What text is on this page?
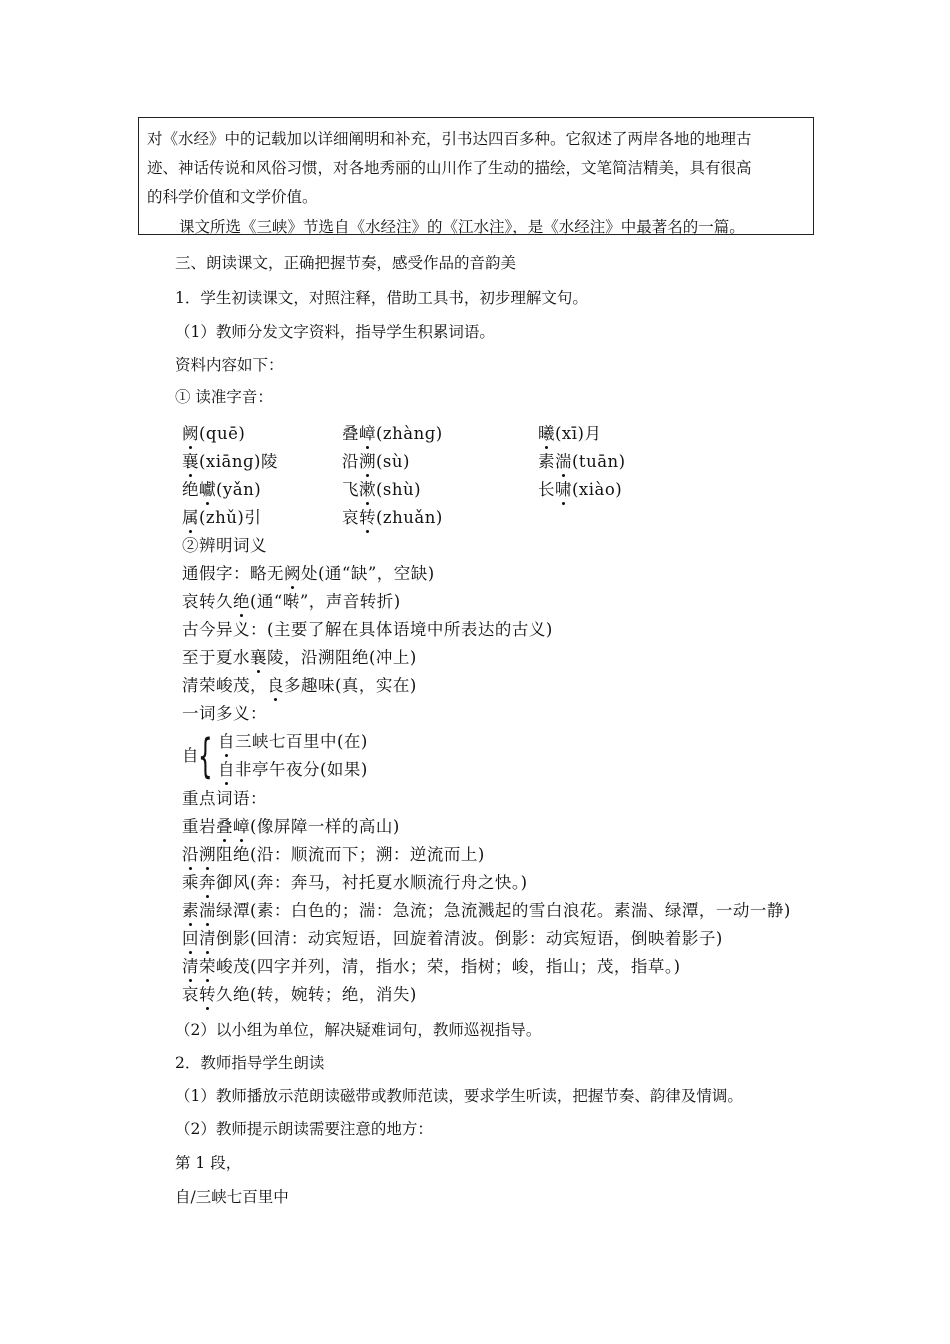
对《水经》中的记载加以详细阐明和补充，引书达四百多种。它叙述了两岸各地的地理古
迹、神话传说和风俗习惯，对各地秀丽的山川作了生动的描绘，文笔简洁精美，具有很高
的科学价值和文学价值。
课文所选《三峡》节选自《水经注》的《江水注》，是《水经注》中最著名的一篇。
三、朗读课文，正确把握节奏，感受作品的音韵美
1．学生初读课文，对照注释，借助工具书，初步理解文句。
（1）教师分发文字资料，指导学生积累词语。
资料内容如下：
① 读准字音：
阙(quē)	叠嶂(zhànɡ)	曦(xī)月
襄(xiānɡ)陵	沿溯(sù)	素湍(tuān)
绝巘(yǎn)	飞漱(shù)	长啸(xiào)
属(zhǔ)引	哀转(zhuǎn)
②辨明词义
通假字：略无阙处(通“缺”，空缺)
哀转久绝(通“啭”，声音转折)
古今异义：(主要了解在具体语境中所表达的古义)
至于夏水襄陵，沿溯阻绝(冲上)
清荣峻茂，良多趣味(真，实在)
一词多义：
自 { 自三峡七百里中(在)
自非亭午夜分(如果)
重点词语：
重岩叠嶂(像屏障一样的高山)
沿溯阻绝(沿：顺流而下；溯：逆流而上)
乘奔御风(奔：奔马，衬托夏水顺流行舟之快。)
素湍绿潭(素：白色的；湍：急流；急流溅起的雪白浪花。素湍、绿潭，一动一静)
回清倒影(回清：动宾短语，回旋着清波。倒影：动宾短语，倒映着影子)
清荣峻茂(四字并列，清，指水；荣，指树；峻，指山；茂，指草。)
哀转久绝(转，婉转；绝，消失)
（2）以小组为单位，解决疑难词句，教师巡视指导。
2．教师指导学生朗读
（1）教师播放示范朗读磁带或教师范读，要求学生听读，把握节奏、韵律及情调。
（2）教师提示朗读需要注意的地方：
第 1 段，
自/三峡七百里中
